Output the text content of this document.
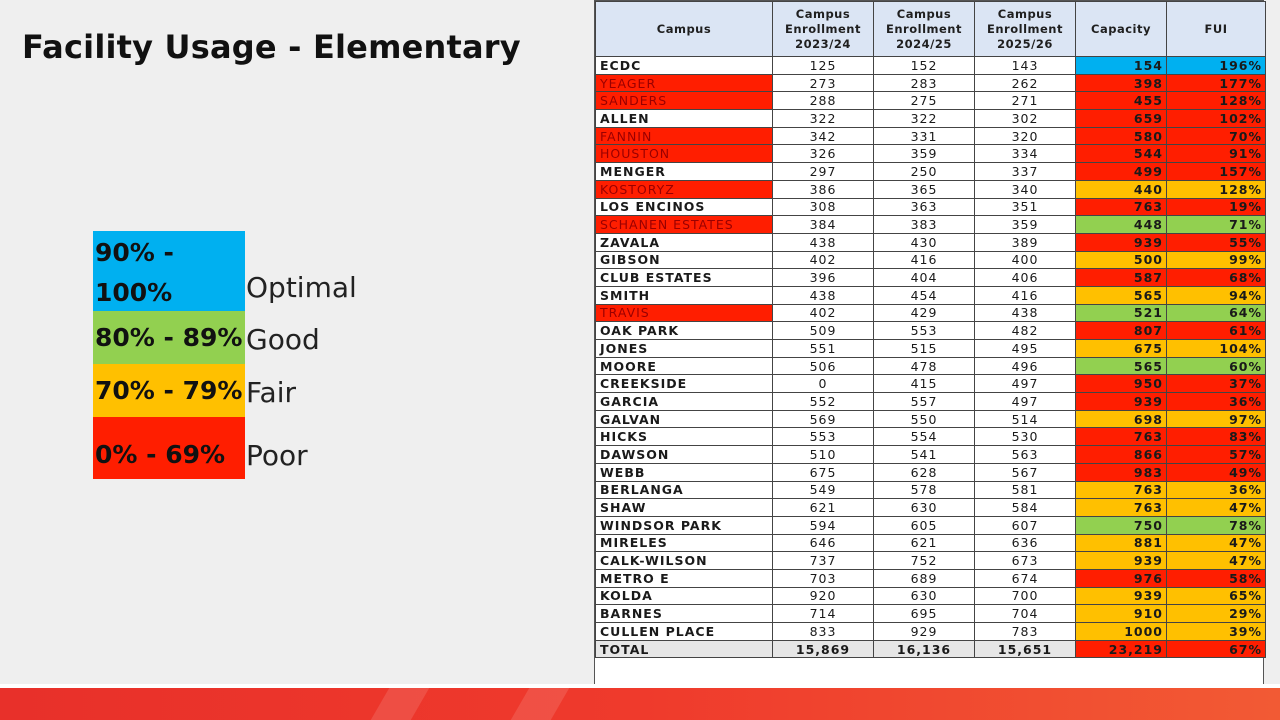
Facility Usage - Elementary
90% - 100%	Optimal
80% - 89% Good
70% - 79% Fair
0% - 69% Poor
Campus	Campus Enrollment 2023/24	Campus Enrollment 2024/25	Campus Enrollment 2025/26	Capacity	FUI
ECDC	125	152	143	154	196%
YEAGER	273	283	262	398	177%
SANDERS	288	275	271	455	128%
ALLEN	322	322	302	659	102%
FANNIN	342	331	320	580	70%
HOUSTON	326	359	334	544	91%
MENGER	297	250	337	499	157%
KOSTORYZ	386	365	340	440	128%
LOS ENCINOS	308	363	351	763	19%
SCHANEN ESTATES	384	383	359	448	71%
ZAVALA	438	430	389	939	55%
GIBSON	402	416	400	500	99%
CLUB ESTATES	396	404	406	587	68%
SMITH	438	454	416	565	94%
TRAVIS	402	429	438	521	64%
OAK PARK	509	553	482	807	61%
JONES	551	515	495	675	104%
MOORE	506	478	496	565	60%
CREEKSIDE	0	415	497	950	37%
GARCIA	552	557	497	939	36%
GALVAN	569	550	514	698	97%
HICKS	553	554	530	763	83%
DAWSON	510	541	563	866	57%
WEBB	675	628	567	983	49%
BERLANGA	549	578	581	763	36%
SHAW	621	630	584	763	47%
WINDSOR PARK	594	605	607	750	78%
MIRELES	646	621	636	881	47%
CALK-WILSON	737	752	673	939	47%
METRO E	703	689	674	976	58%
KOLDA	920	630	700	939	65%
BARNES	714	695	704	910	29%
CULLEN PLACE	833	929	783	1000	39%
TOTAL	15,869	16,136	15,651	23,219	67%
